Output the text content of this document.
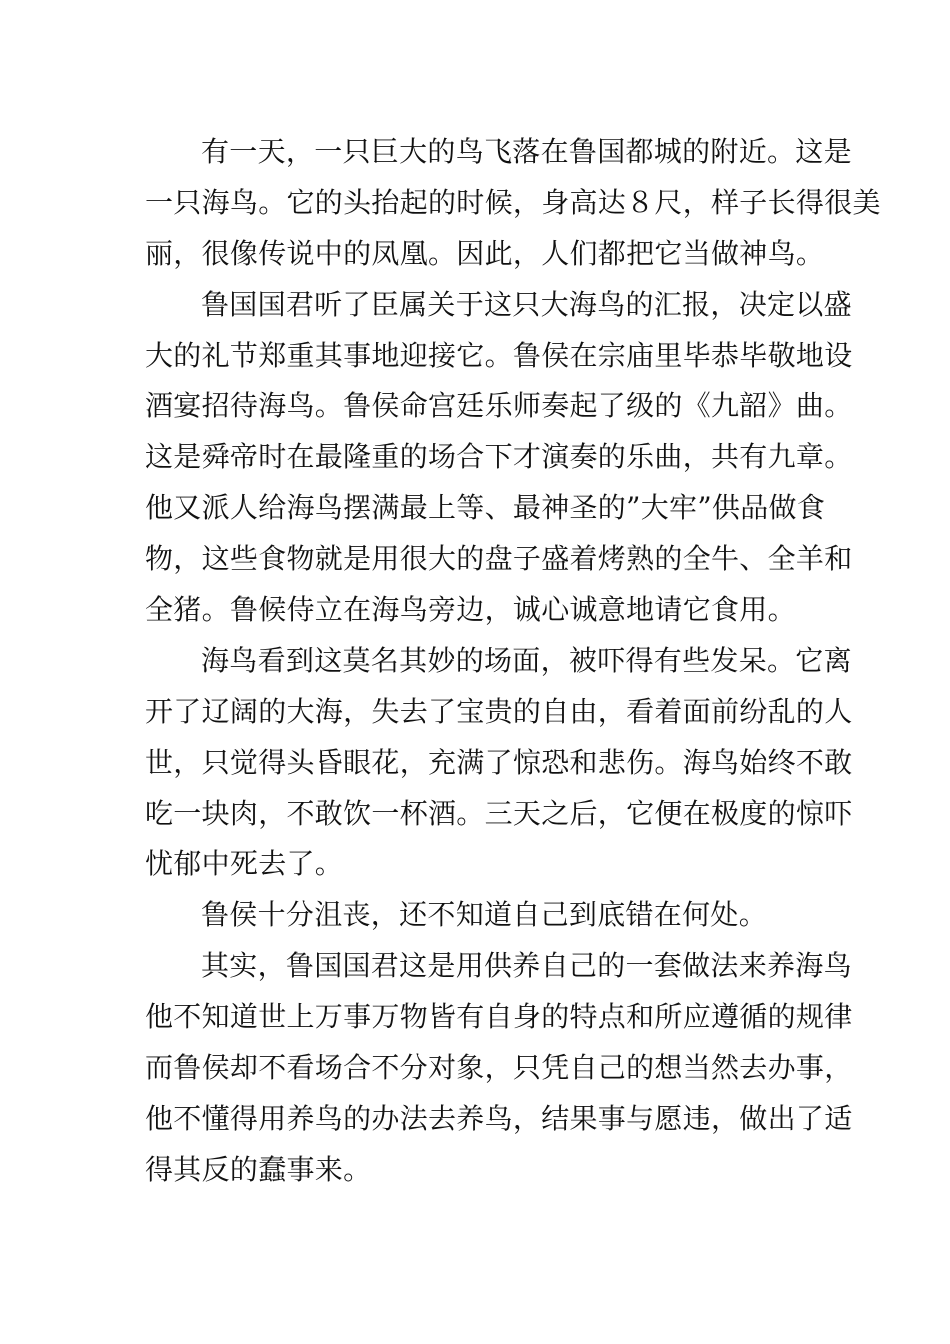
有一天，一只巨大的鸟飞落在鲁国都城的附近。这是
一只海鸟。它的头抬起的时候，身高达８尺，样子长得很美
丽，很像传说中的凤凰。因此，人们都把它当做神鸟。
鲁国国君听了臣属关于这只大海鸟的汇报，决定以盛
大的礼节郑重其事地迎接它。鲁侯在宗庙里毕恭毕敬地设
酒宴招待海鸟。鲁侯命宫廷乐师奏起了级的《九韶》曲。
这是舜帝时在最隆重的场合下才演奏的乐曲，共有九章。
他又派人给海鸟摆满最上等、最神圣的”大牢”供品做食
物，这些食物就是用很大的盘子盛着烤熟的全牛、全羊和
全猪。鲁候侍立在海鸟旁边，诚心诚意地请它食用。
海鸟看到这莫名其妙的场面，被吓得有些发呆。它离
开了辽阔的大海，失去了宝贵的自由，看着面前纷乱的人
世，只觉得头昏眼花，充满了惊恐和悲伤。海鸟始终不敢
吃一块肉，不敢饮一杯酒。三天之后，它便在极度的惊吓
忧郁中死去了。
鲁侯十分沮丧，还不知道自己到底错在何处。
其实，鲁国国君这是用供养自己的一套做法来养海鸟
他不知道世上万事万物皆有自身的特点和所应遵循的规律
而鲁侯却不看场合不分对象，只凭自己的想当然去办事，
他不懂得用养鸟的办法去养鸟，结果事与愿违，做出了适
得其反的蠢事来。
